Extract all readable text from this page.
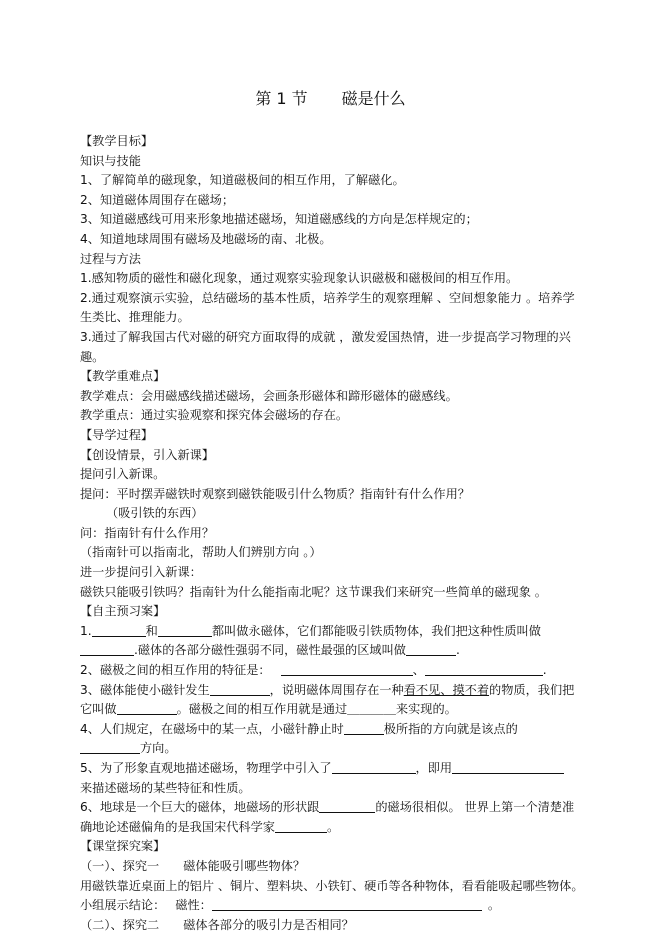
第 1 节 磁是什么
【教学目标】
知识与技能
1、了解简单的磁现象，知道磁极间的相互作用，了解磁化。
2、知道磁体周围存在磁场；
3、知道磁感线可用来形象地描述磁场，知道磁感线的方向是怎样规定的；
4、知道地球周围有磁场及地磁场的南、北极。
过程与方法
1.感知物质的磁性和磁化现象，通过观察实验现象认识磁极和磁极间的相互作用。
2.通过观察演示实验，总结磁场的基本性质，培养学生的观察理解 、空间想象能力 。培养学生类比、推理能力。
3.通过了解我国古代对磁的研究方面取得的成就 ，激发爱国热情，进一步提高学习物理的兴趣。
【教学重难点】
教学难点：会用磁感线描述磁场，会画条形磁体和蹄形磁体的磁感线。
教学重点：通过实验观察和探究体会磁场的存在。
【导学过程】
【创设情景，引入新课】
提问引入新课。
提问：平时摆弄磁铁时观察到磁铁能吸引什么物质？指南针有什么作用？
（吸引铁的东西）
问：指南针有什么作用？
（指南针可以指南北，帮助人们辨别方向 。）
进一步提问引入新课：
磁铁只能吸引铁吗？指南针为什么能指南北呢？这节课我们来研究一些简单的磁现象 。
【自主预习案】
1.	和	都叫做永磁体，它们都能吸引铁质物体，我们把这种性质叫做.磁体的各部分磁性强弱不同，磁性最强的区域叫做	.
2、磁极之间的相互作用的特征是：	、	.
3、磁体能使小磁针发生	，说明磁体周围存在一种看不见、摸不着的物质，我们把它叫做	。磁极之间的相互作用就是通过＿＿＿＿来实现的。
4、人们规定，在磁场中的某一点，小磁针静止时	极所指的方向就是该点的
方向。
5、为了形象直观地描述磁场，物理学中引入了	，即用
来描述磁场的某些特征和性质。
6、地球是一个巨大的磁体，地磁场的形状跟	的磁场很相似。 世界上第一个清楚准确地论述磁偏角的是我国宋代科学家	。
【课堂探究案】
（一）、探究一 磁体能吸引哪些物体？
用磁铁靠近桌面上的铝片 、铜片、塑料块、小铁钉、硬币等各种物体，看看能吸起哪些物体。
小组展示结论： 磁性：	。
（二）、探究二 磁体各部分的吸引力是否相同？
